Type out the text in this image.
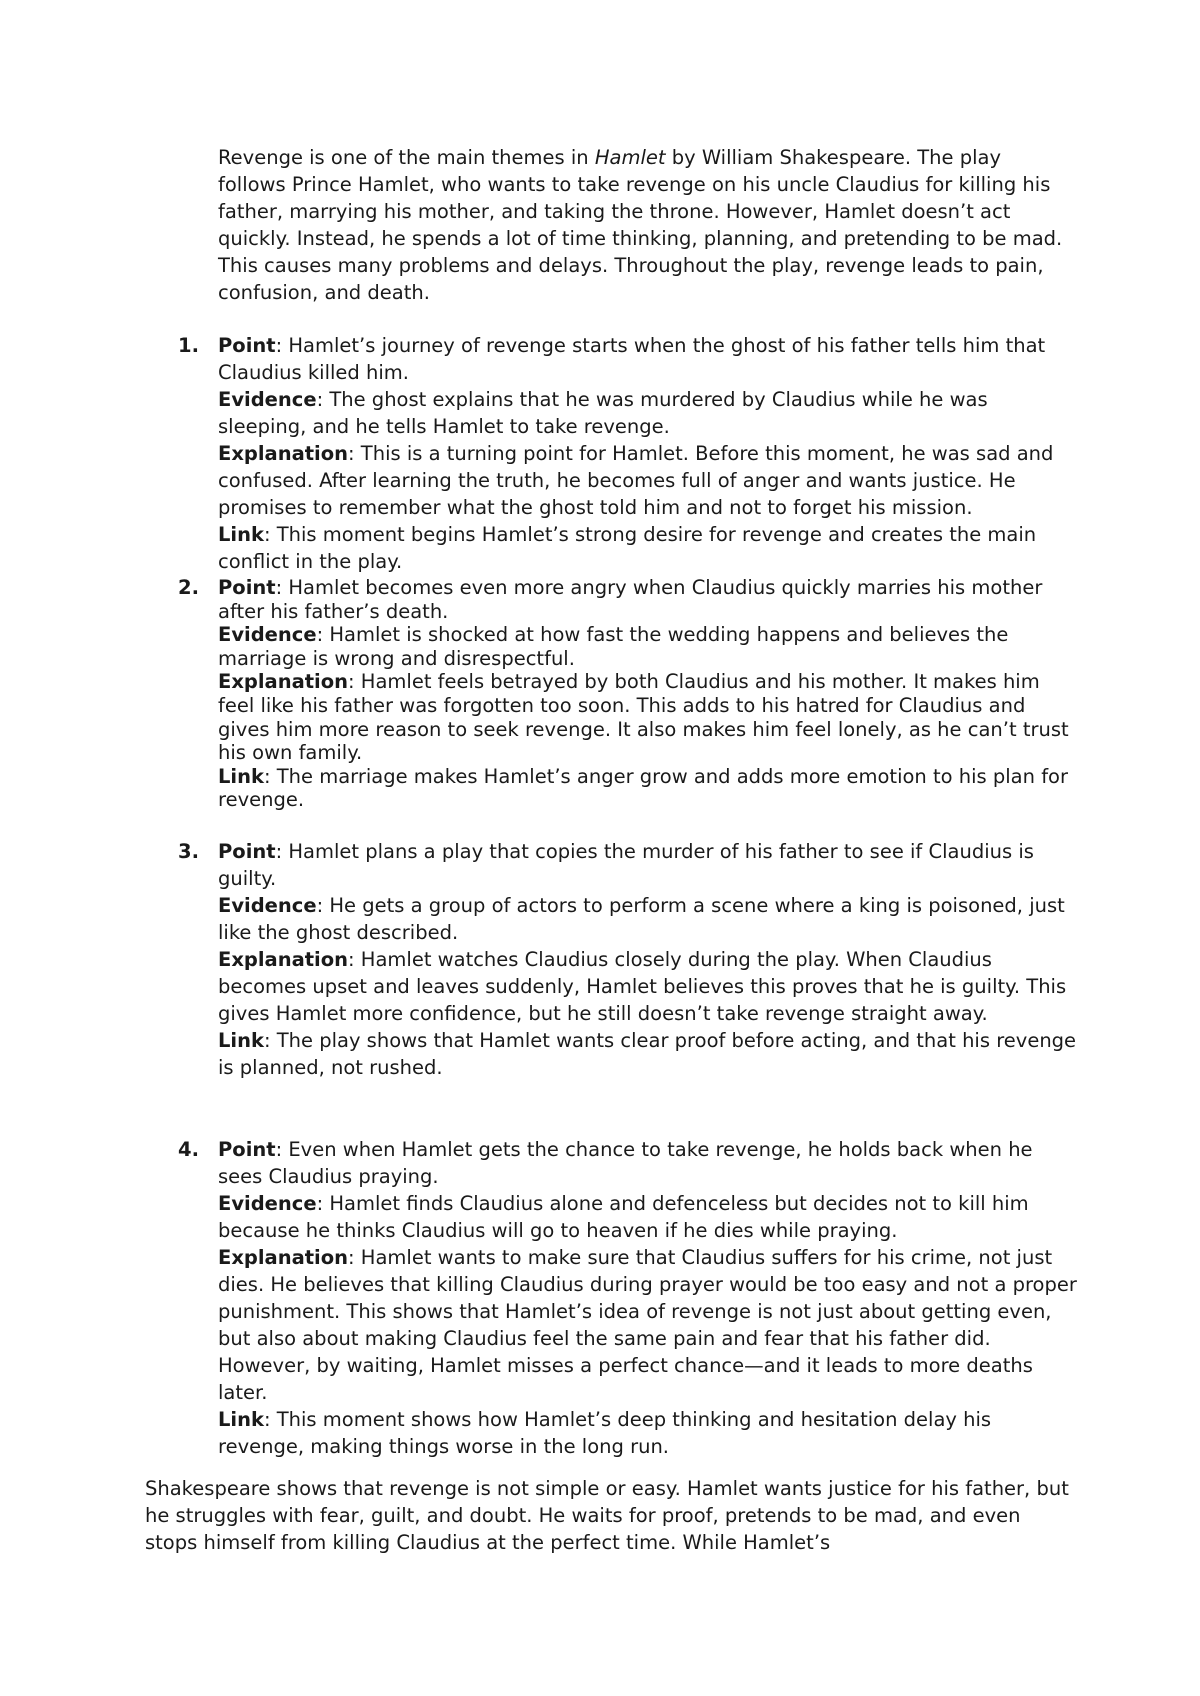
Revenge is one of the main themes in Hamlet by William Shakespeare. The play follows Prince Hamlet, who wants to take revenge on his uncle Claudius for killing his father, marrying his mother, and taking the throne. However, Hamlet doesn’t act quickly. Instead, he spends a lot of time thinking, planning, and pretending to be mad. This causes many problems and delays. Throughout the play, revenge leads to pain, confusion, and death.

1. Point: Hamlet’s journey of revenge starts when the ghost of his father tells him that Claudius killed him.

Evidence: The ghost explains that he was murdered by Claudius while he was sleeping, and he tells Hamlet to take revenge.

Explanation: This is a turning point for Hamlet. Before this moment, he was sad and confused. After learning the truth, he becomes full of anger and wants justice. He promises to remember what the ghost told him and not to forget his mission.

Link: This moment begins Hamlet’s strong desire for revenge and creates the main conflict in the play.

2. Point: Hamlet becomes even more angry when Claudius quickly marries his mother after his father’s death.

Evidence: Hamlet is shocked at how fast the wedding happens and believes the marriage is wrong and disrespectful.

Explanation: Hamlet feels betrayed by both Claudius and his mother. It makes him feel like his father was forgotten too soon. This adds to his hatred for Claudius and gives him more reason to seek revenge. It also makes him feel lonely, as he can’t trust his own family.

Link: The marriage makes Hamlet’s anger grow and adds more emotion to his plan for revenge.

3. Point: Hamlet plans a play that copies the murder of his father to see if Claudius is guilty.

Evidence: He gets a group of actors to perform a scene where a king is poisoned, just like the ghost described.

Explanation: Hamlet watches Claudius closely during the play. When Claudius becomes upset and leaves suddenly, Hamlet believes this proves that he is guilty. This gives Hamlet more confidence, but he still doesn’t take revenge straight away.

Link: The play shows that Hamlet wants clear proof before acting, and that his revenge is planned, not rushed.

4. Point: Even when Hamlet gets the chance to take revenge, he holds back when he sees Claudius praying.

Evidence: Hamlet finds Claudius alone and defenceless but decides not to kill him because he thinks Claudius will go to heaven if he dies while praying.

Explanation: Hamlet wants to make sure that Claudius suffers for his crime, not just dies. He believes that killing Claudius during prayer would be too easy and not a proper punishment. This shows that Hamlet’s idea of revenge is not just about getting even, but also about making Claudius feel the same pain and fear that his father did. However, by waiting, Hamlet misses a perfect chance—and it leads to more deaths later.

Link: This moment shows how Hamlet’s deep thinking and hesitation delay his revenge, making things worse in the long run.

Shakespeare shows that revenge is not simple or easy. Hamlet wants justice for his father, but he struggles with fear, guilt, and doubt. He waits for proof, pretends to be mad, and even stops himself from killing Claudius at the perfect time. While Hamlet’s
